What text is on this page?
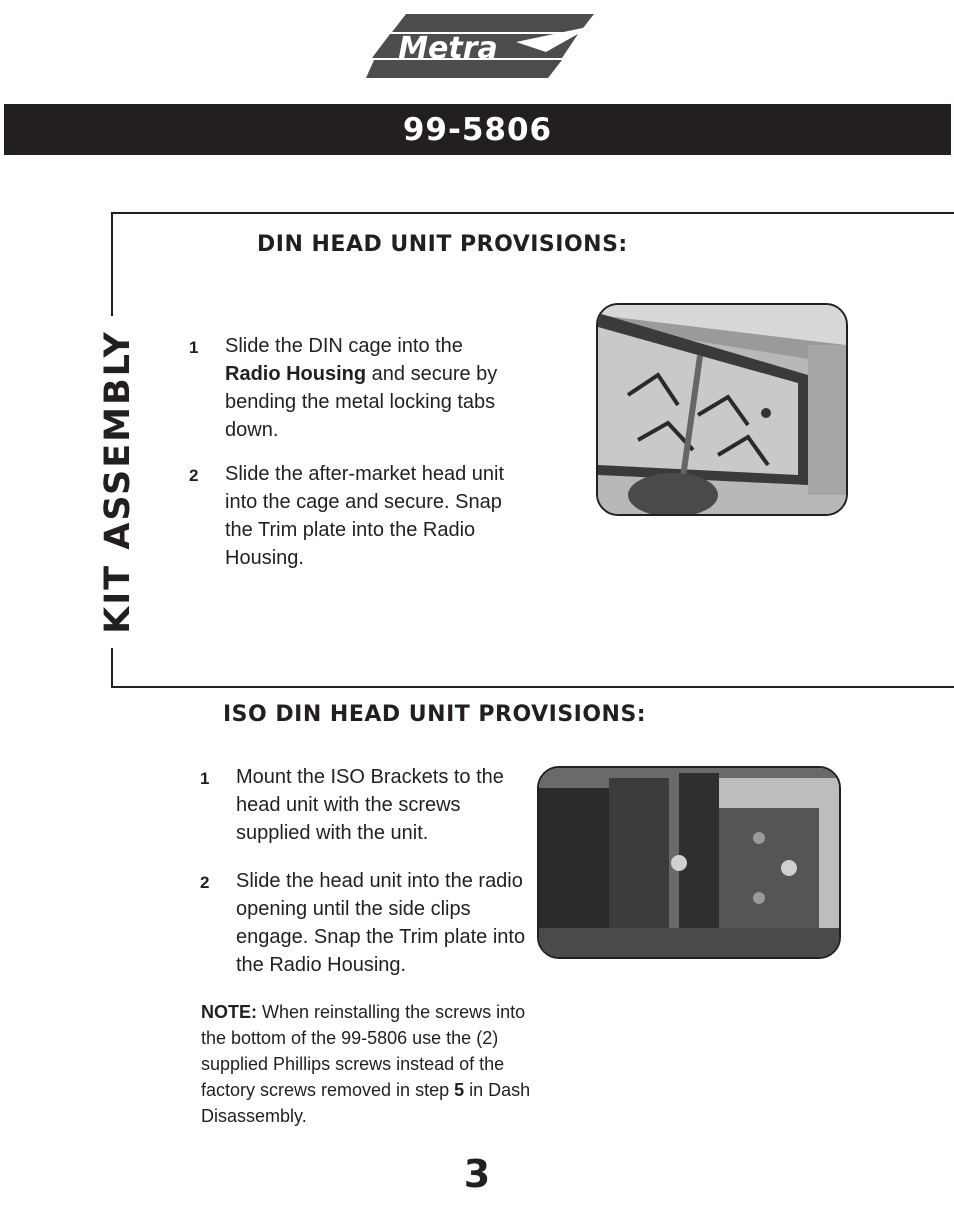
Metra
99-5806
KIT ASSEMBLY
DIN HEAD UNIT PROVISIONS:
1	Slide the DIN cage into the Radio Housing and secure by bending the metal locking tabs down.
2	Slide the after-market head unit into the cage and secure. Snap the Trim plate into the Radio Housing.
ISO DIN HEAD UNIT PROVISIONS:
1	Mount the ISO Brackets to the head unit with the screws supplied with the unit.
2	Slide the head unit into the radio opening until the side clips engage. Snap the Trim plate into the Radio Housing.
NOTE: When reinstalling the screws into the bottom of the 99-5806 use the (2) supplied Phillips screws instead of the factory screws removed in step 5 in Dash Disassembly.
3
